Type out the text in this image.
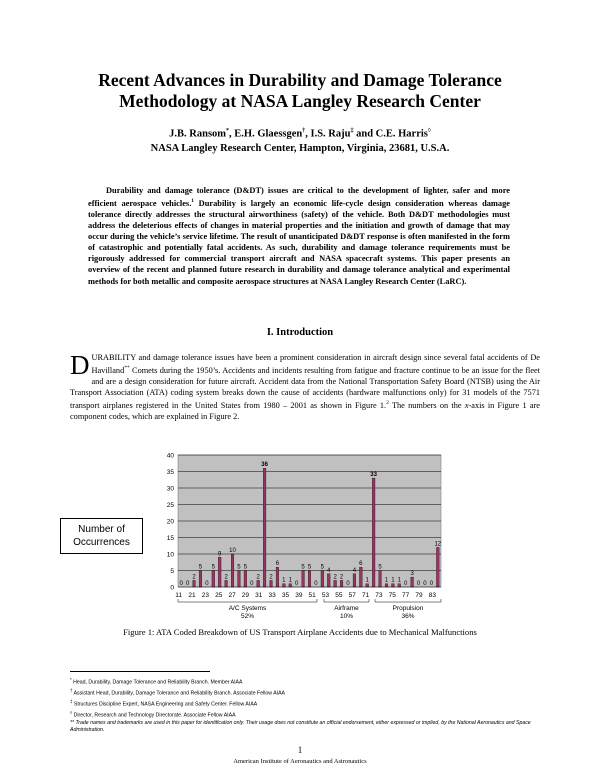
Recent Advances in Durability and Damage Tolerance
Methodology at NASA Langley Research Center
J.B. Ransom*, E.H. Glaessgen†, I.S. Raju‡ and C.E. Harris◊
NASA Langley Research Center, Hampton, Virginia, 23681, U.S.A.
Durability and damage tolerance (D&DT) issues are critical to the development of lighter, safer and more efficient aerospace vehicles.$^1$ Durability is largely an economic life-cycle design consideration whereas damage tolerance directly addresses the structural airworthiness (safety) of the vehicle. Both D&DT methodologies must address the deleterious effects of changes in material properties and the initiation and growth of damage that may occur during the vehicle’s service lifetime. The result of unanticipated D&DT response is often manifested in the form of catastrophic and potentially fatal accidents. As such, durability and damage tolerance requirements must be rigorously addressed for commercial transport aircraft and NASA spacecraft systems. This paper presents an overview of the recent and planned future research in durability and damage tolerance analytical and experimental methods for both metallic and composite aerospace structures at NASA Langley Research Center (LaRC).
I. Introduction
DURABILITY and damage tolerance issues have been a prominent consideration in aircraft design since several fatal accidents of De Havilland** Comets during the 1950’s. Accidents and incidents resulting from fatigue and fracture continue to be an issue for the fleet and are a design consideration for future aircraft. Accident data from the National Transportation Safety Board (NTSB) using the Air Transport Association (ATA) coding system breaks down the cause of accidents (hardware malfunctions only) for 31 models of the 7571 transport airplanes registered in the United States from 1980 – 2001 as shown in Figure 1.$^2$ The numbers on the x-axis in Figure 1 are component codes, which are explained in Figure 2.
0
5
10
15
20
25
30
35
40
0 0
2
5
0
5
9
2
10
5 5
0
2
36
2
6
1 1
0
5 5
0
5
4
2 2
0
4
6
1
33
5
1 1 1
0
3
0 0 0
12
11 21 23 25 27 29 31 33 35 39 51 53 55 57 71 73 75 77 79 83
A/C Systems
52%
Airframe
10%
Propulsion
36%
Number of
Occurrences
Figure 1: ATA Coded Breakdown of US Transport Airplane Accidents due to Mechanical Malfunctions
* Head, Durability, Damage Tolerance and Reliability Branch. Member AIAA
† Assistant Head, Durability, Damage Tolerance and Reliability Branch. Associate Fellow AIAA
‡ Structures Discipline Expert, NASA Engineering and Safety Center. Fellow AIAA
◊ Director, Research and Technology Directorate. Associate Fellow AIAA
** Trade names and trademarks are used in this paper for identification only. Their usage does not constitute an official endorsement, either expressed or implied, by the National Aeronautics and Space Administration.
1
American Institute of Aeronautics and Astronautics
